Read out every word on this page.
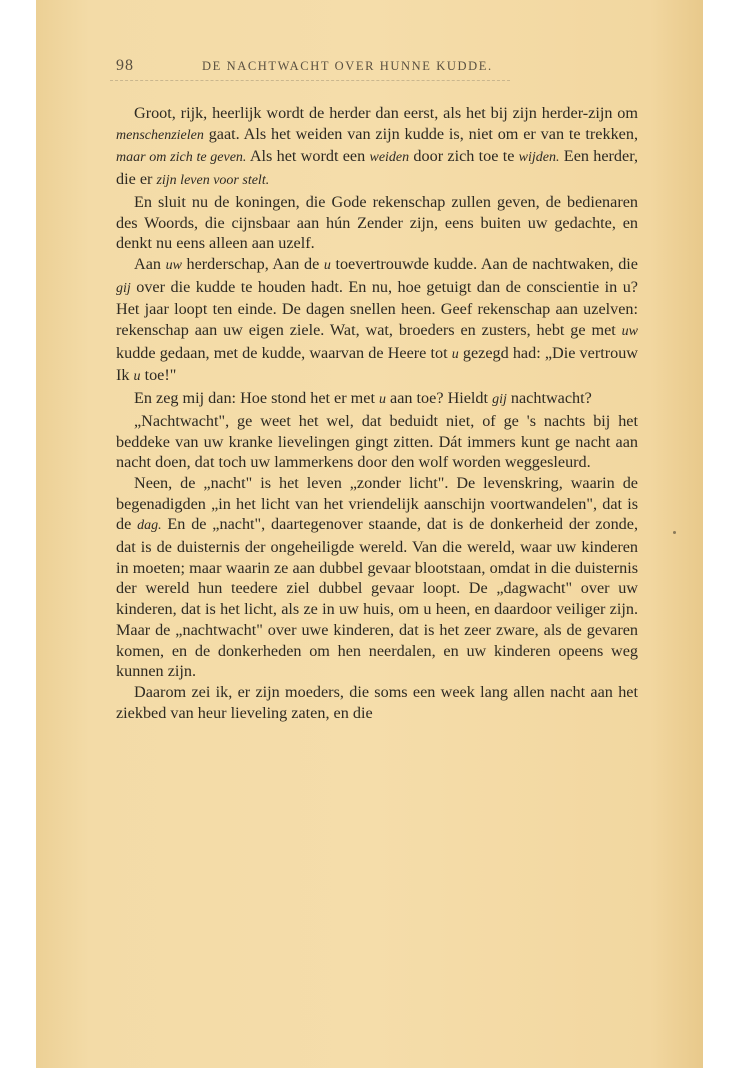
98	DE NACHTWACHT OVER HUNNE KUDDE.

Groot, rijk, heerlijk wordt de herder dan eerst, als het bij zijn herder-zijn om menschenzielen gaat. Als het weiden van zijn kudde is, niet om er van te trekken, maar om zich te geven. Als het wordt een weiden door zich toe te wijden. Een herder, die er zijn leven voor stelt.

En sluit nu de koningen, die Gode rekenschap zullen geven, de bedienaren des Woords, die cijnsbaar aan hún Zender zijn, eens buiten uw gedachte, en denkt nu eens alleen aan uzelf.

Aan uw herderschap, Aan de u toevertrouwde kudde. Aan de nachtwaken, die gij over die kudde te houden hadt. En nu, hoe getuigt dan de conscientie in u? Het jaar loopt ten einde. De dagen snellen heen. Geef rekenschap aan uzelven: rekenschap aan uw eigen ziele. Wat, wat, broeders en zusters, hebt ge met uw kudde gedaan, met de kudde, waarvan de Heere tot u gezegd had: „Die vertrouw Ik u toe!"

En zeg mij dan: Hoe stond het er met u aan toe? Hieldt gij nachtwacht?

„Nachtwacht", ge weet het wel, dat beduidt niet, of ge 's nachts bij het beddeke van uw kranke lievelingen gingt zitten. Dát immers kunt ge nacht aan nacht doen, dat toch uw lammerkens door den wolf worden weggesleurd.

Neen, de „nacht" is het leven „zonder licht". De levenskring, waarin de begenadigden „in het licht van het vriendelijk aanschijn voortwandelen", dat is de dag. En de „nacht", daartegenover staande, dat is de donkerheid der zonde, dat is de duisternis der ongeheiligde wereld. Van die wereld, waar uw kinderen in moeten; maar waarin ze aan dubbel gevaar blootstaan, omdat in die duisternis der wereld hun teedere ziel dubbel gevaar loopt. De „dagwacht" over uw kinderen, dat is het licht, als ze in uw huis, om u heen, en daardoor veiliger zijn. Maar de „nachtwacht" over uwe kinderen, dat is het zeer zware, als de gevaren komen, en de donkerheden om hen neerdalen, en uw kinderen opeens weg kunnen zijn.

Daarom zei ik, er zijn moeders, die soms een week lang allen nacht aan het ziekbed van heur lieveling zaten, en die
